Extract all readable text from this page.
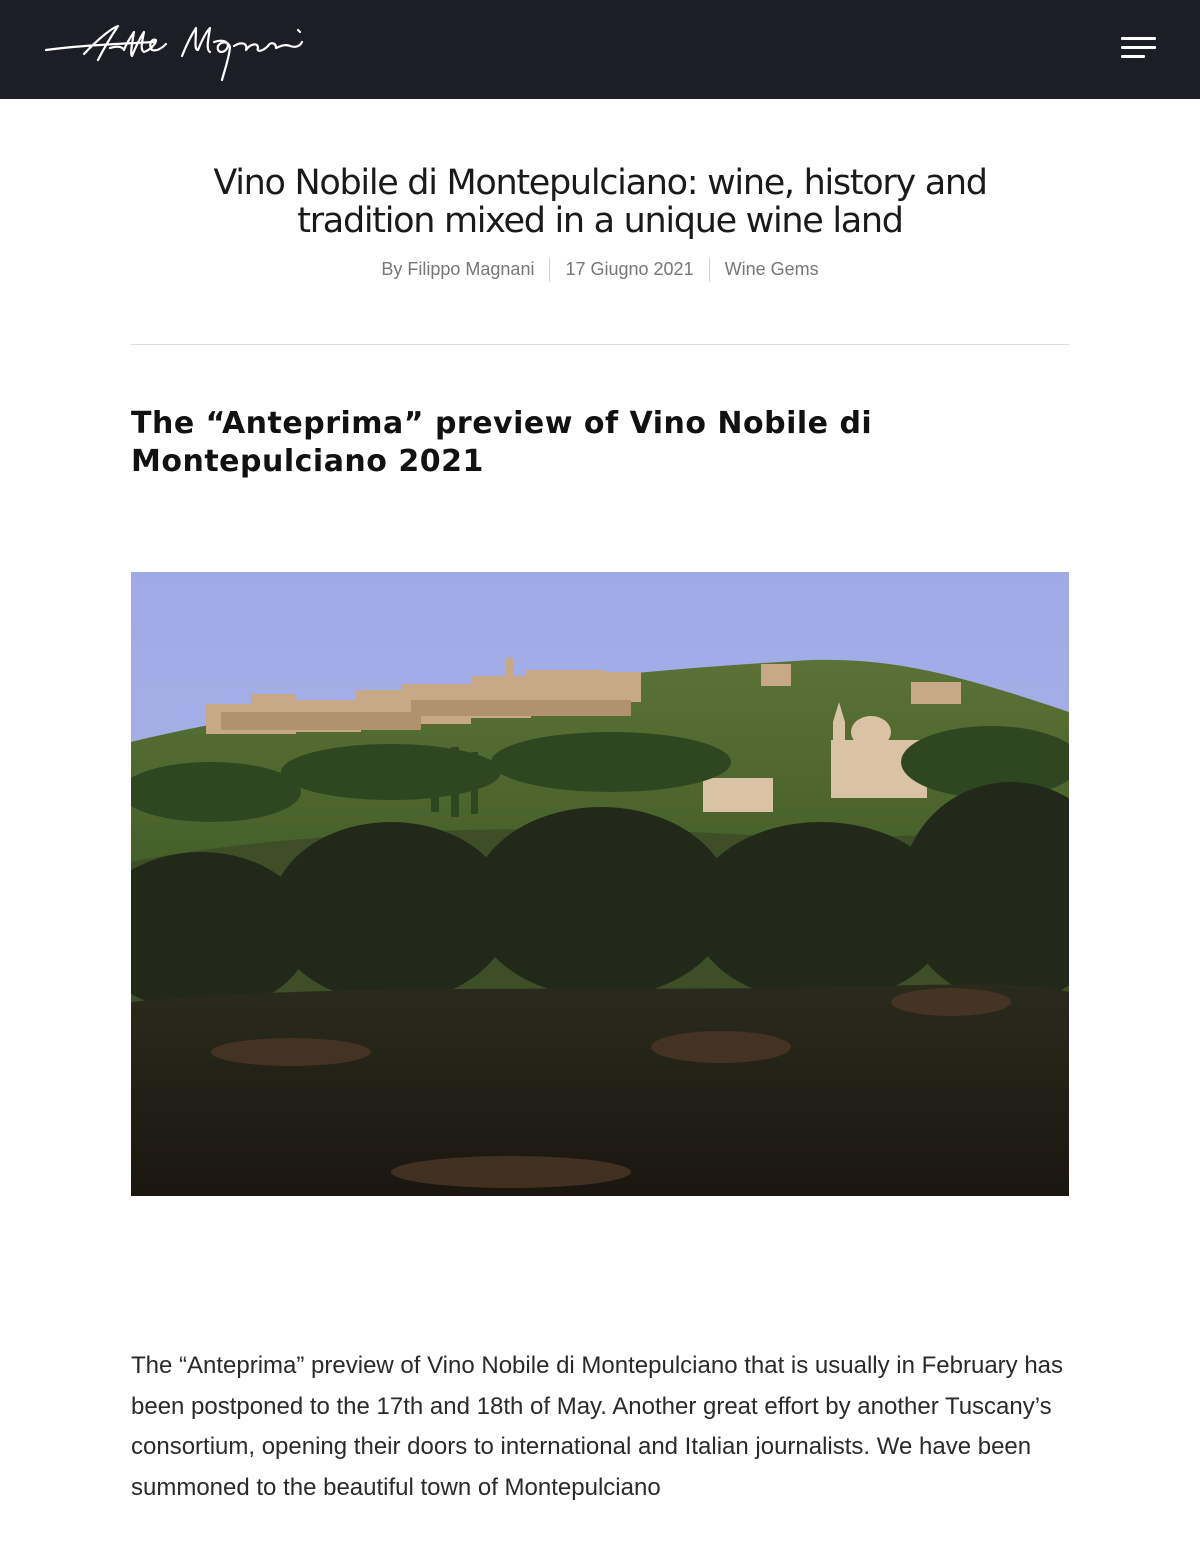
Vino Nobile di Montepulciano: wine, history and tradition mixed in a unique wine land
By Filippo Magnani 17 Giugno 2021 Wine Gems
The “Anteprima” preview of Vino Nobile di Montepulciano 2021

The “Anteprima” preview of Vino Nobile di Montepulciano that is usually in February has been postponed to the 17th and 18th of May. Another great effort by another Tuscany’s consortium, opening their doors to international and Italian journalists. We have been summoned to the beautiful town of Montepulciano
